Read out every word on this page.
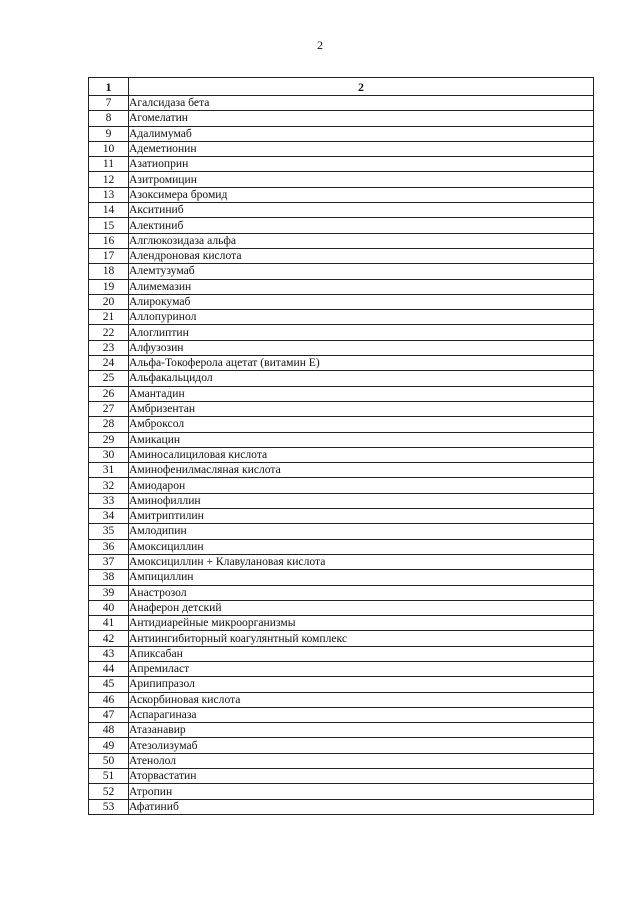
2
1	2
7	Агалсидаза бета
8	Агомелатин
9	Адалимумаб
10	Адеметионин
11	Азатиоприн
12	Азитромицин
13	Азоксимера бромид
14	Акситиниб
15	Алектиниб
16	Алглюкозидаза альфа
17	Алендроновая кислота
18	Алемтузумаб
19	Алимемазин
20	Алирокумаб
21	Аллопуринол
22	Алоглиптин
23	Алфузозин
24	Альфа-Токоферола ацетат (витамин Е)
25	Альфакальцидол
26	Амантадин
27	Амбризентан
28	Амброксол
29	Амикацин
30	Аминосалициловая кислота
31	Аминофенилмасляная кислота
32	Амиодарон
33	Аминофиллин
34	Амитриптилин
35	Амлодипин
36	Амоксициллин
37	Амоксициллин + Клавулановая кислота
38	Ампициллин
39	Анастрозол
40	Анаферон детский
41	Антидиарейные микроорганизмы
42	Антиингибиторный коагулянтный комплекс
43	Апиксабан
44	Апремиласт
45	Арипипразол
46	Аскорбиновая кислота
47	Аспарагиназа
48	Атазанавир
49	Атезолизумаб
50	Атенолол
51	Аторвастатин
52	Атропин
53	Афатиниб
